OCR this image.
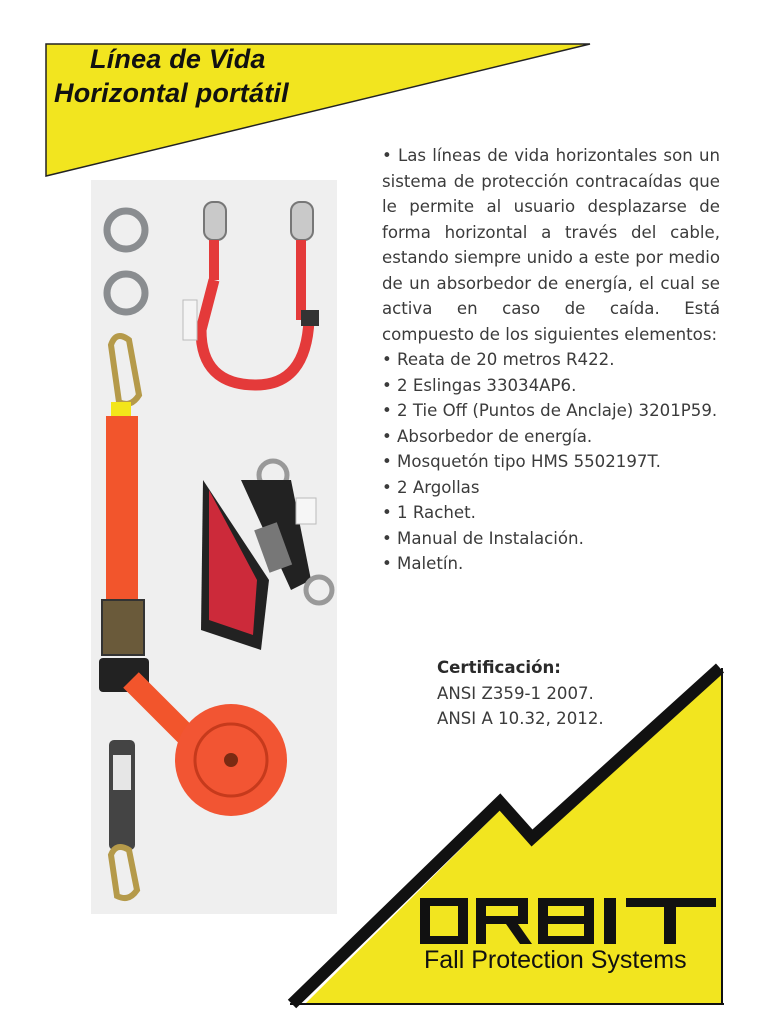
Línea de Vida
Horizontal portátil

• Las líneas de vida horizontales son un sistema de protección contracaídas que le permite al usuario desplazarse de forma horizontal a través del cable, estando siempre unido a este por medio de un absorbedor de energía, el cual se activa en caso de caída. Está compuesto de los siguientes elementos:

• Reata de 20 metros R422.
• 2 Eslingas 33034AP6.
• 2 Tie Off (Puntos de Anclaje) 3201P59.
• Absorbedor de energía.
• Mosquetón tipo HMS 5502197T.
• 2 Argollas
• 1 Rachet.
• Manual de Instalación.
• Maletín.
Certificación:
ANSI Z359-1 2007.
ANSI A 10.32, 2012.
Fall Protection Systems
